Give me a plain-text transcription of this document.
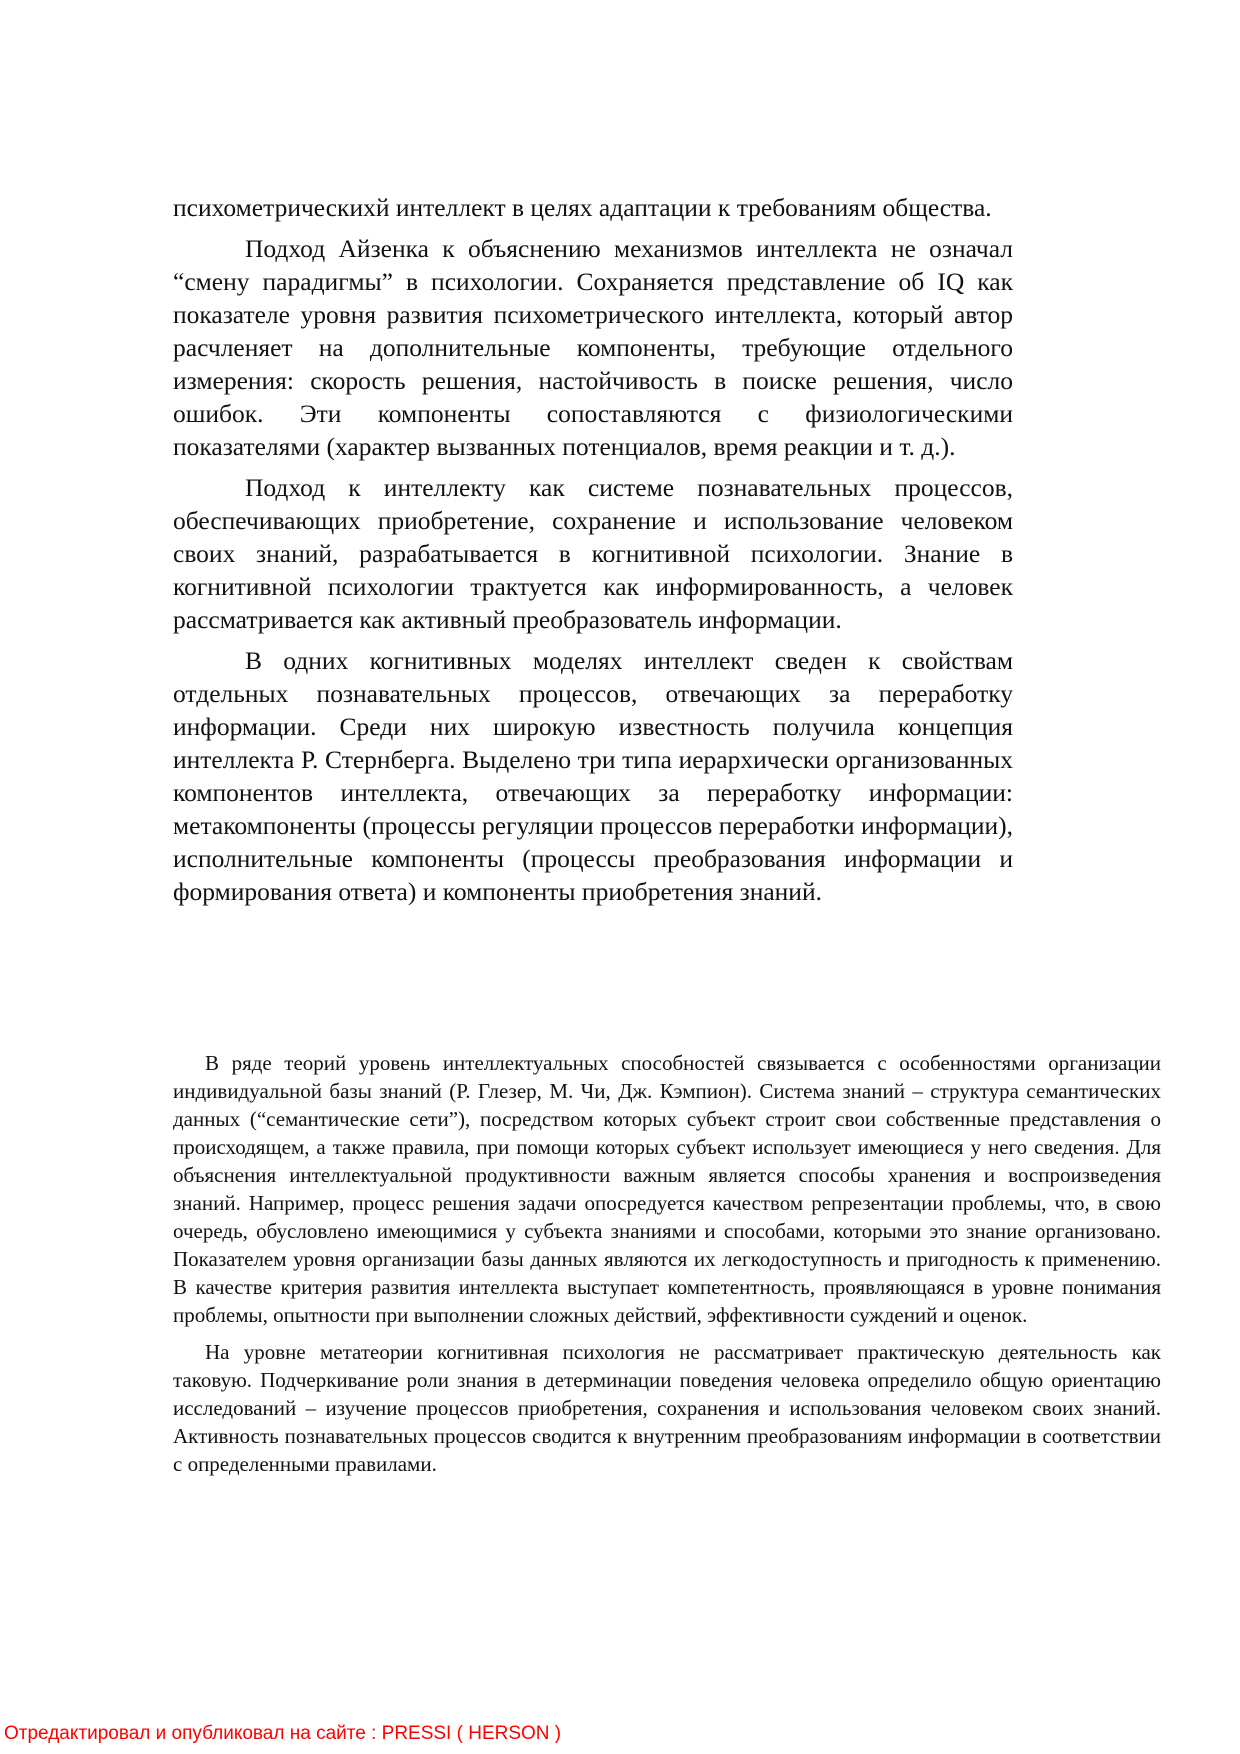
психометрическихй интеллект в целях адаптации к требованиям общества.

Подход Айзенка к объяснению механизмов интеллекта не означал “смену парадигмы” в психологии. Сохраняется представление об IQ как показателе уровня развития психометрического интеллекта, который автор расчленяет на дополнительные компоненты, требующие отдельного измерения: скорость решения, настойчивость в поиске решения, число ошибок. Эти компоненты сопоставляются с физиологическими показателями (характер вызванных потенциалов, время реакции и т. д.).

Подход к интеллекту как системе познавательных процессов, обеспечивающих приобретение, сохранение и использование человеком своих знаний, разрабатывается в когнитивной психологии. Знание в когнитивной психологии трактуется как информированность, а человек рассматривается как активный преобразователь информации.

В одних когнитивных моделях интеллект сведен к свойствам отдельных познавательных процессов, отвечающих за переработку информации. Среди них широкую известность получила концепция интеллекта Р. Стернберга. Выделено три типа иерархически организованных компонентов интеллекта, отвечающих за переработку информации: метакомпоненты (процессы регуляции процессов переработки информации), исполнительные компоненты (процессы преобразования информации и формирования ответа) и компоненты приобретения знаний.

В ряде теорий уровень интеллектуальных способностей связывается с особенностями организации индивидуальной базы знаний (Р. Глезер, М. Чи, Дж. Кэмпион). Система знаний – структура семантических данных (“семантические сети”), посредством которых субъект строит свои собственные представления о происходящем, а также правила, при помощи которых субъект использует имеющиеся у него сведения. Для объяснения интеллектуальной продуктивности важным является способы хранения и воспроизведения знаний. Например, процесс решения задачи опосредуется качеством репрезентации проблемы, что, в свою очередь, обусловлено имеющимися у субъекта знаниями и способами, которыми это знание организовано. Показателем уровня организации базы данных являются их легкодоступность и пригодность к применению. В качестве критерия развития интеллекта выступает компетентность, проявляющаяся в уровне понимания проблемы, опытности при выполнении сложных действий, эффективности суждений и оценок.

На уровне метатеории когнитивная психология не рассматривает практическую деятельность как таковую. Подчеркивание роли знания в детерминации поведения человека определило общую ориентацию исследований – изучение процессов приобретения, сохранения и использования человеком своих знаний. Активность познавательных процессов сводится к внутренним преобразованиям информации в соответствии с определенными правилами.

Отредактировал и опубликовал на сайте : PRESSI ( HERSON )
